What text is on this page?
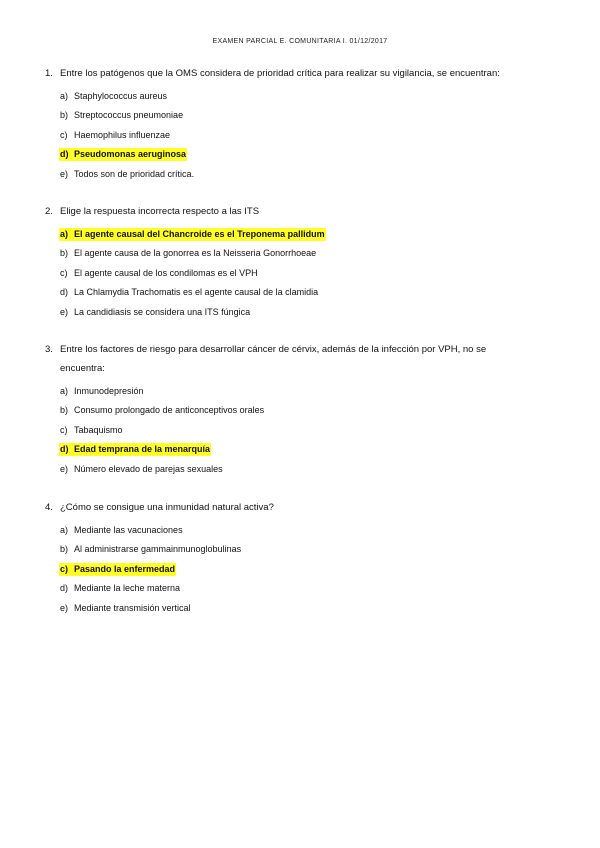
EXAMEN PARCIAL E. COMUNITARIA I. 01/12/2017
1. Entre los patógenos que la OMS considera de prioridad crítica para realizar su vigilancia, se encuentran:
a) Staphylococcus aureus
b) Streptococcus pneumoniae
c) Haemophilus influenzae
d) Pseudomonas aeruginosa
e) Todos son de prioridad crítica.
2. Elige la respuesta incorrecta respecto a las ITS
a) El agente causal del Chancroide es el Treponema pallidum
b) El agente causa de la gonorrea es la Neisseria Gonorrhoeae
c) El agente causal de los condilomas es el VPH
d) La Chlamydia Trachomatis es el agente causal de la clamidia
e) La candidiasis se considera una ITS fúngica
3. Entre los factores de riesgo para desarrollar cáncer de cérvix, además de la infección por VPH, no se
encuentra:
a) Inmunodepresión
b) Consumo prolongado de anticonceptivos orales
c) Tabaquismo
d) Edad temprana de la menarquía
e) Número elevado de parejas sexuales
4. ¿Cómo se consigue una inmunidad natural activa?
a) Mediante las vacunaciones
b) Al administrarse gammainmunoglobulinas
c) Pasando la enfermedad
d) Mediante la leche materna
e) Mediante transmisión vertical
